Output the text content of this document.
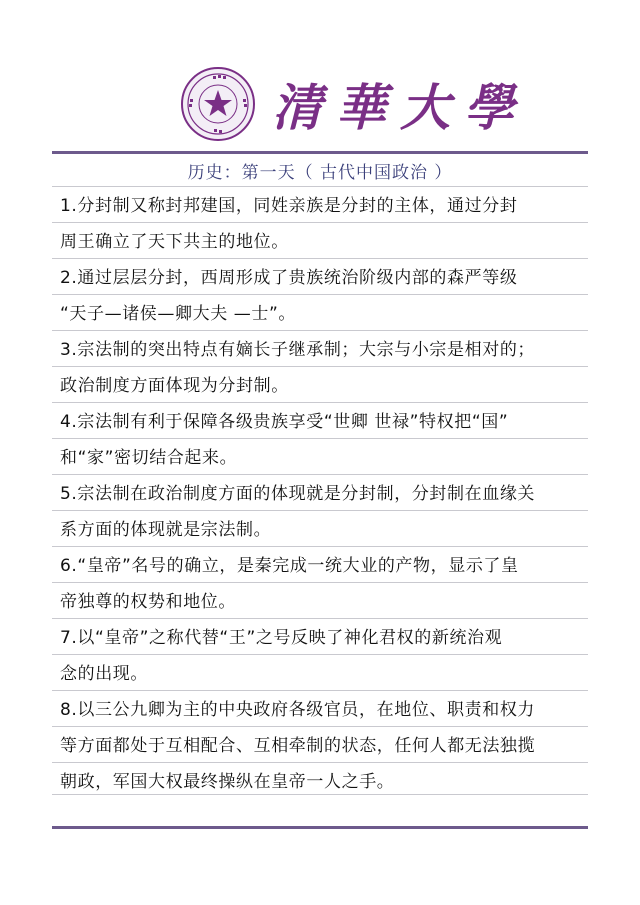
清華大學
历史：第一天（ 古代中国政治 ）
1.分封制又称封邦建国，同姓亲族是分封的主体，通过分封
周王确立了天下共主的地位。
2.通过层层分封，西周形成了贵族统治阶级内部的森严等级
“天子—诸侯—卿大夫 —士”。
3.宗法制的突出特点有嫡长子继承制；大宗与小宗是相对的；
政治制度方面体现为分封制。
4.宗法制有利于保障各级贵族享受“世卿 世禄”特权把“国”
和“家”密切结合起来。
5.宗法制在政治制度方面的体现就是分封制，分封制在血缘关
系方面的体现就是宗法制。
6.“皇帝”名号的确立，是秦完成一统大业的产物，显示了皇
帝独尊的权势和地位。
7.以“皇帝”之称代替“王”之号反映了神化君权的新统治观
念的出现。
8.以三公九卿为主的中央政府各级官员，在地位、职责和权力
等方面都处于互相配合、互相牵制的状态，任何人都无法独揽
朝政，军国大权最终操纵在皇帝一人之手。
